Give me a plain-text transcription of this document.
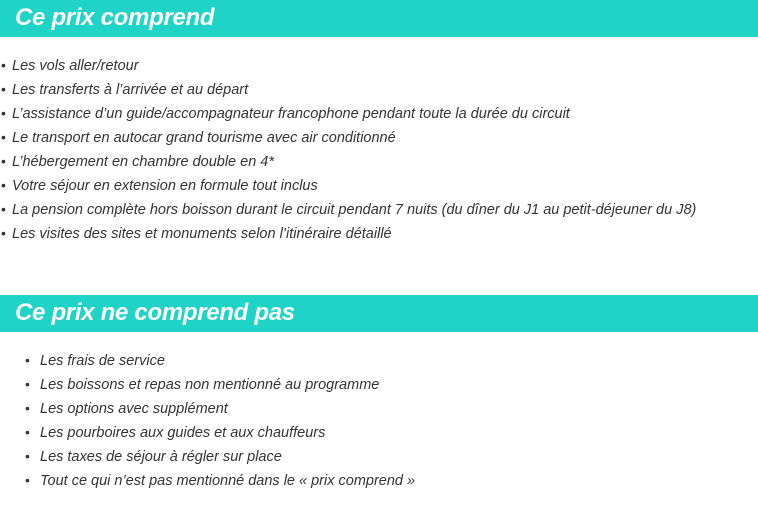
Ce prix comprend
• Les vols aller/retour
• Les transferts à l’arrivée et au départ
• L’assistance d’un guide/accompagnateur francophone pendant toute la durée du circuit
• Le transport en autocar grand tourisme avec air conditionné
• L’hébergement en chambre double en 4*
• Votre séjour en extension en formule tout inclus
• La pension complète hors boisson durant le circuit pendant 7 nuits (du dîner du J1 au petit-déjeuner du J8)
• Les visites des sites et monuments selon l’itinéraire détaillé
Ce prix ne comprend pas
• Les frais de service
• Les boissons et repas non mentionné au programme
• Les options avec supplément
• Les pourboires aux guides et aux chauffeurs
• Les taxes de séjour à régler sur place
• Tout ce qui n’est pas mentionné dans le « prix comprend »
